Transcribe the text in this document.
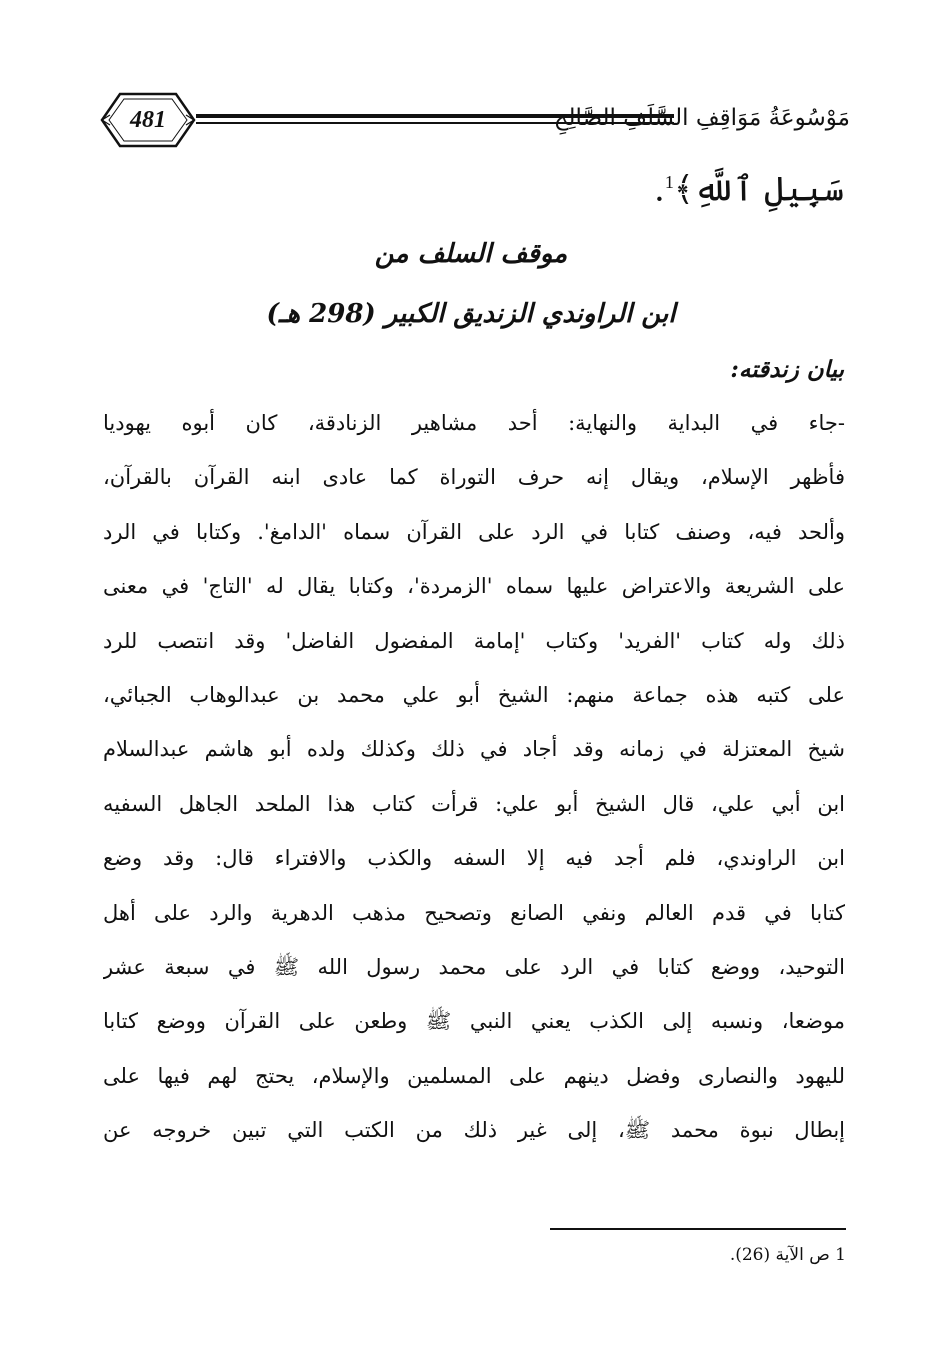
481	مَوْسُوعَةُ مَوَاقِفِ السَّلَفِ الصَّالِحِ
سَبِيلِ ٱللَّهِ﴾$^1$.
موقف السلف من
ابن الراوندي الزنديق الكبير (298 هـ)
بيان زندقته:
-جاء في البداية والنهاية: أحد مشاهير الزنادقة، كان أبوه يهوديا
فأظهر الإسلام، ويقال إنه حرف التوراة كما عادى ابنه القرآن بالقرآن،
وألحد فيه، وصنف كتابا في الرد على القرآن سماه 'الدامغ'. وكتابا في الرد
على الشريعة والاعتراض عليها سماه 'الزمردة'، وكتابا يقال له 'التاج' في معنى
ذلك وله كتاب 'الفريد' وكتاب 'إمامة المفضول الفاضل' وقد انتصب للرد
على كتبه هذه جماعة منهم: الشيخ أبو علي محمد بن عبدالوهاب الجبائي،
شيخ المعتزلة في زمانه وقد أجاد في ذلك وكذلك ولده أبو هاشم عبدالسلام
ابن أبي علي، قال الشيخ أبو علي: قرأت كتاب هذا الملحد الجاهل السفيه
ابن الراوندي، فلم أجد فيه إلا السفه والكذب والافتراء قال: وقد وضع
كتابا في قدم العالم ونفي الصانع وتصحيح مذهب الدهرية والرد على أهل
التوحيد، ووضع كتابا في الرد على محمد رسول الله ﷺ في سبعة عشر
موضعا، ونسبه إلى الكذب يعني النبي ﷺ وطعن على القرآن ووضع كتابا
لليهود والنصارى وفضل دينهم على المسلمين والإسلام، يحتج لهم فيها على
إبطال نبوة محمد ﷺ، إلى غير ذلك من الكتب التي تبين خروجه عن
1 ص الآية (26).
